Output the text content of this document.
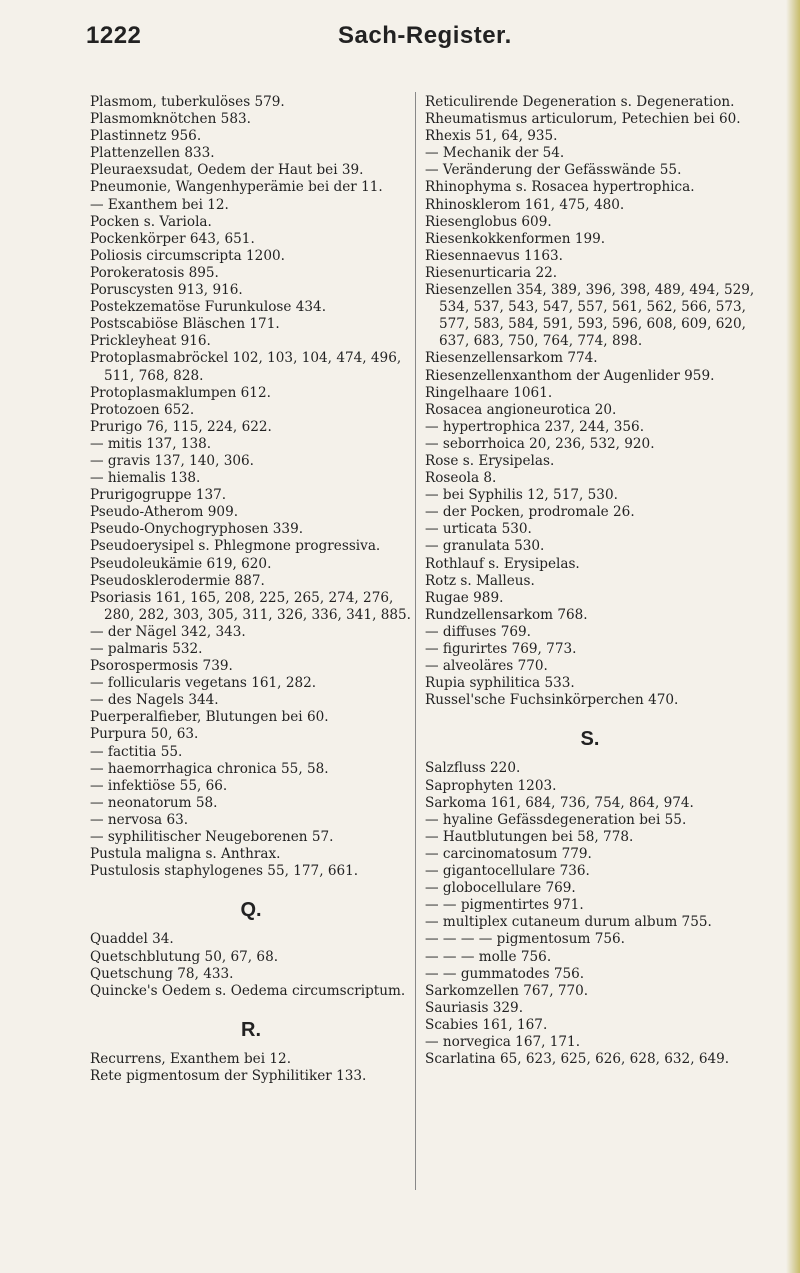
1222	Sach-Register.

Plasmom, tuberkulöses 579.

Plasmomknötchen 583.

Plastinnetz 956.

Plattenzellen 833.

Pleuraexsudat, Oedem der Haut bei 39.

Pneumonie, Wangenhyperämie bei der 11.

— Exanthem bei 12.

Pocken s. Variola.

Pockenkörper 643, 651.

Poliosis circumscripta 1200.

Porokeratosis 895.

Poruscysten 913, 916.

Postekzematöse Furunkulose 434.

Postscabiöse Bläschen 171.

Prickleyheat 916.

Protoplasmabröckel 102, 103, 104, 474, 496, 511, 768, 828.

Protoplasmaklumpen 612.

Protozoen 652.

Prurigo 76, 115, 224, 622.

— mitis 137, 138.

— gravis 137, 140, 306.

— hiemalis 138.

Prurigogruppe 137.

Pseudo-Atherom 909.

Pseudo-Onychogryphosen 339.

Pseudoerysipel s. Phlegmone progressiva.

Pseudoleukämie 619, 620.

Pseudosklerodermie 887.

Psoriasis 161, 165, 208, 225, 265, 274, 276, 280, 282, 303, 305, 311, 326, 336, 341, 885.

— der Nägel 342, 343.

— palmaris 532.

Psorospermosis 739.

— follicularis vegetans 161, 282.

— des Nagels 344.

Puerperalfieber, Blutungen bei 60.

Purpura 50, 63.

— factitia 55.

— haemorrhagica chronica 55, 58.

— infektiöse 55, 66.

— neonatorum 58.

— nervosa 63.

— syphilitischer Neugeborenen 57.

Pustula maligna s. Anthrax.

Pustulosis staphylogenes 55, 177, 661.

Q.

Quaddel 34.

Quetschblutung 50, 67, 68.

Quetschung 78, 433.

Quincke's Oedem s. Oedema circumscriptum.

R.

Recurrens, Exanthem bei 12.

Rete pigmentosum der Syphilitiker 133.

Reticulirende Degeneration s. Degeneration.

Rheumatismus articulorum, Petechien bei 60.

Rhexis 51, 64, 935.

— Mechanik der 54.

— Veränderung der Gefässwände 55.

Rhinophyma s. Rosacea hypertrophica.

Rhinosklerom 161, 475, 480.

Riesenglobus 609.

Riesenkokkenformen 199.

Riesennaevus 1163.

Riesenurticaria 22.

Riesenzellen 354, 389, 396, 398, 489, 494, 529, 534, 537, 543, 547, 557, 561, 562, 566, 573, 577, 583, 584, 591, 593, 596, 608, 609, 620, 637, 683, 750, 764, 774, 898.

Riesenzellensarkom 774.

Riesenzellenxanthom der Augenlider 959.

Ringelhaare 1061.

Rosacea angioneurotica 20.

— hypertrophica 237, 244, 356.

— seborrhoica 20, 236, 532, 920.

Rose s. Erysipelas.

Roseola 8.

— bei Syphilis 12, 517, 530.

— der Pocken, prodromale 26.

— urticata 530.

— granulata 530.

Rothlauf s. Erysipelas.

Rotz s. Malleus.

Rugae 989.

Rundzellensarkom 768.

— diffuses 769.

— figurirtes 769, 773.

— alveoläres 770.

Rupia syphilitica 533.

Russel'sche Fuchsinkörperchen 470.

S.

Salzfluss 220.

Saprophyten 1203.

Sarkoma 161, 684, 736, 754, 864, 974.

— hyaline Gefässdegeneration bei 55.

— Hautblutungen bei 58, 778.

— carcinomatosum 779.

— gigantocellulare 736.

— globocellulare 769.

— — pigmentirtes 971.

— multiplex cutaneum durum album 755.

— — — — pigmentosum 756.

— — — molle 756.

— — gummatodes 756.

Sarkomzellen 767, 770.

Sauriasis 329.

Scabies 161, 167.

— norvegica 167, 171.

Scarlatina 65, 623, 625, 626, 628, 632, 649.
